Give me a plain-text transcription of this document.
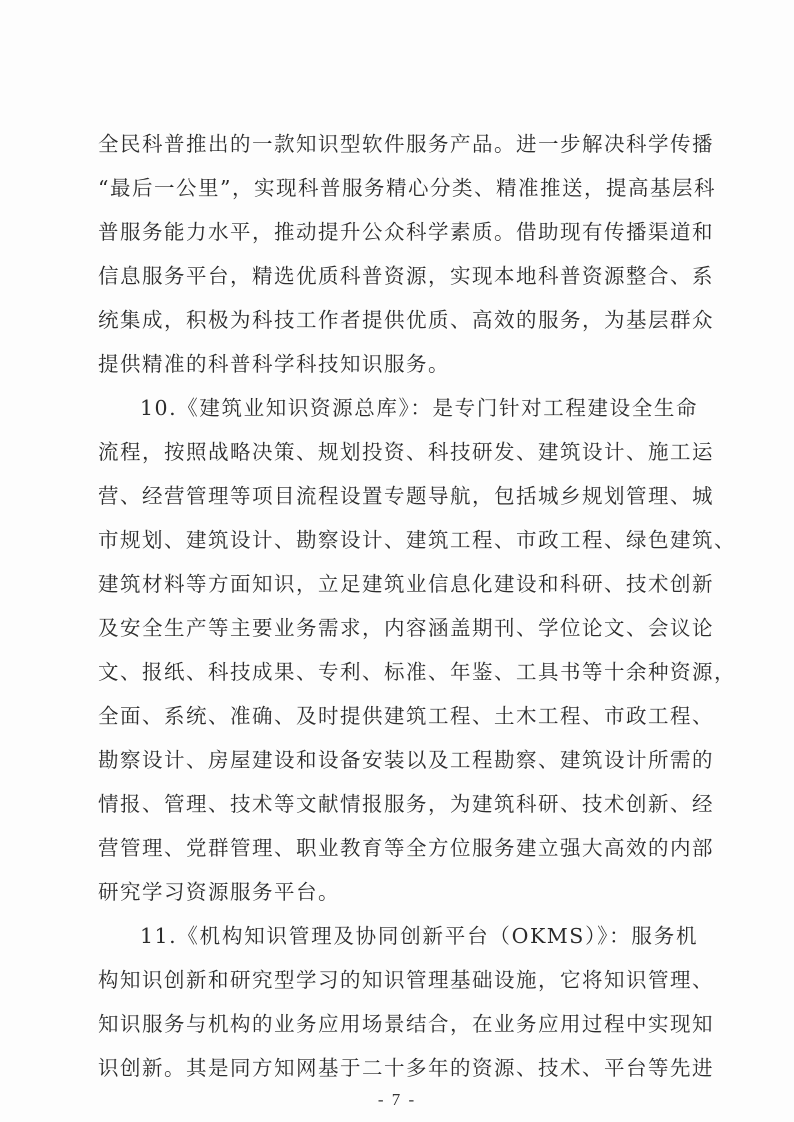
全民科普推出的一款知识型软件服务产品。进一步解决科学传播
“最后一公里”，实现科普服务精心分类、精准推送，提高基层科
普服务能力水平，推动提升公众科学素质。借助现有传播渠道和
信息服务平台，精选优质科普资源，实现本地科普资源整合、系
统集成，积极为科技工作者提供优质、高效的服务，为基层群众
提供精准的科普科学科技知识服务。
10.《建筑业知识资源总库》：是专门针对工程建设全生命
流程，按照战略决策、规划投资、科技研发、建筑设计、施工运
营、经营管理等项目流程设置专题导航，包括城乡规划管理、城
市规划、建筑设计、勘察设计、建筑工程、市政工程、绿色建筑、
建筑材料等方面知识，立足建筑业信息化建设和科研、技术创新
及安全生产等主要业务需求，内容涵盖期刊、学位论文、会议论
文、报纸、科技成果、专利、标准、年鉴、工具书等十余种资源，
全面、系统、准确、及时提供建筑工程、土木工程、市政工程、
勘察设计、房屋建设和设备安装以及工程勘察、建筑设计所需的
情报、管理、技术等文献情报服务，为建筑科研、技术创新、经
营管理、党群管理、职业教育等全方位服务建立强大高效的内部
研究学习资源服务平台。
11.《机构知识管理及协同创新平台（OKMS）》：服务机
构知识创新和研究型学习的知识管理基础设施，它将知识管理、
知识服务与机构的业务应用场景结合，在业务应用过程中实现知
识创新。其是同方知网基于二十多年的资源、技术、平台等先进
- 7 -
